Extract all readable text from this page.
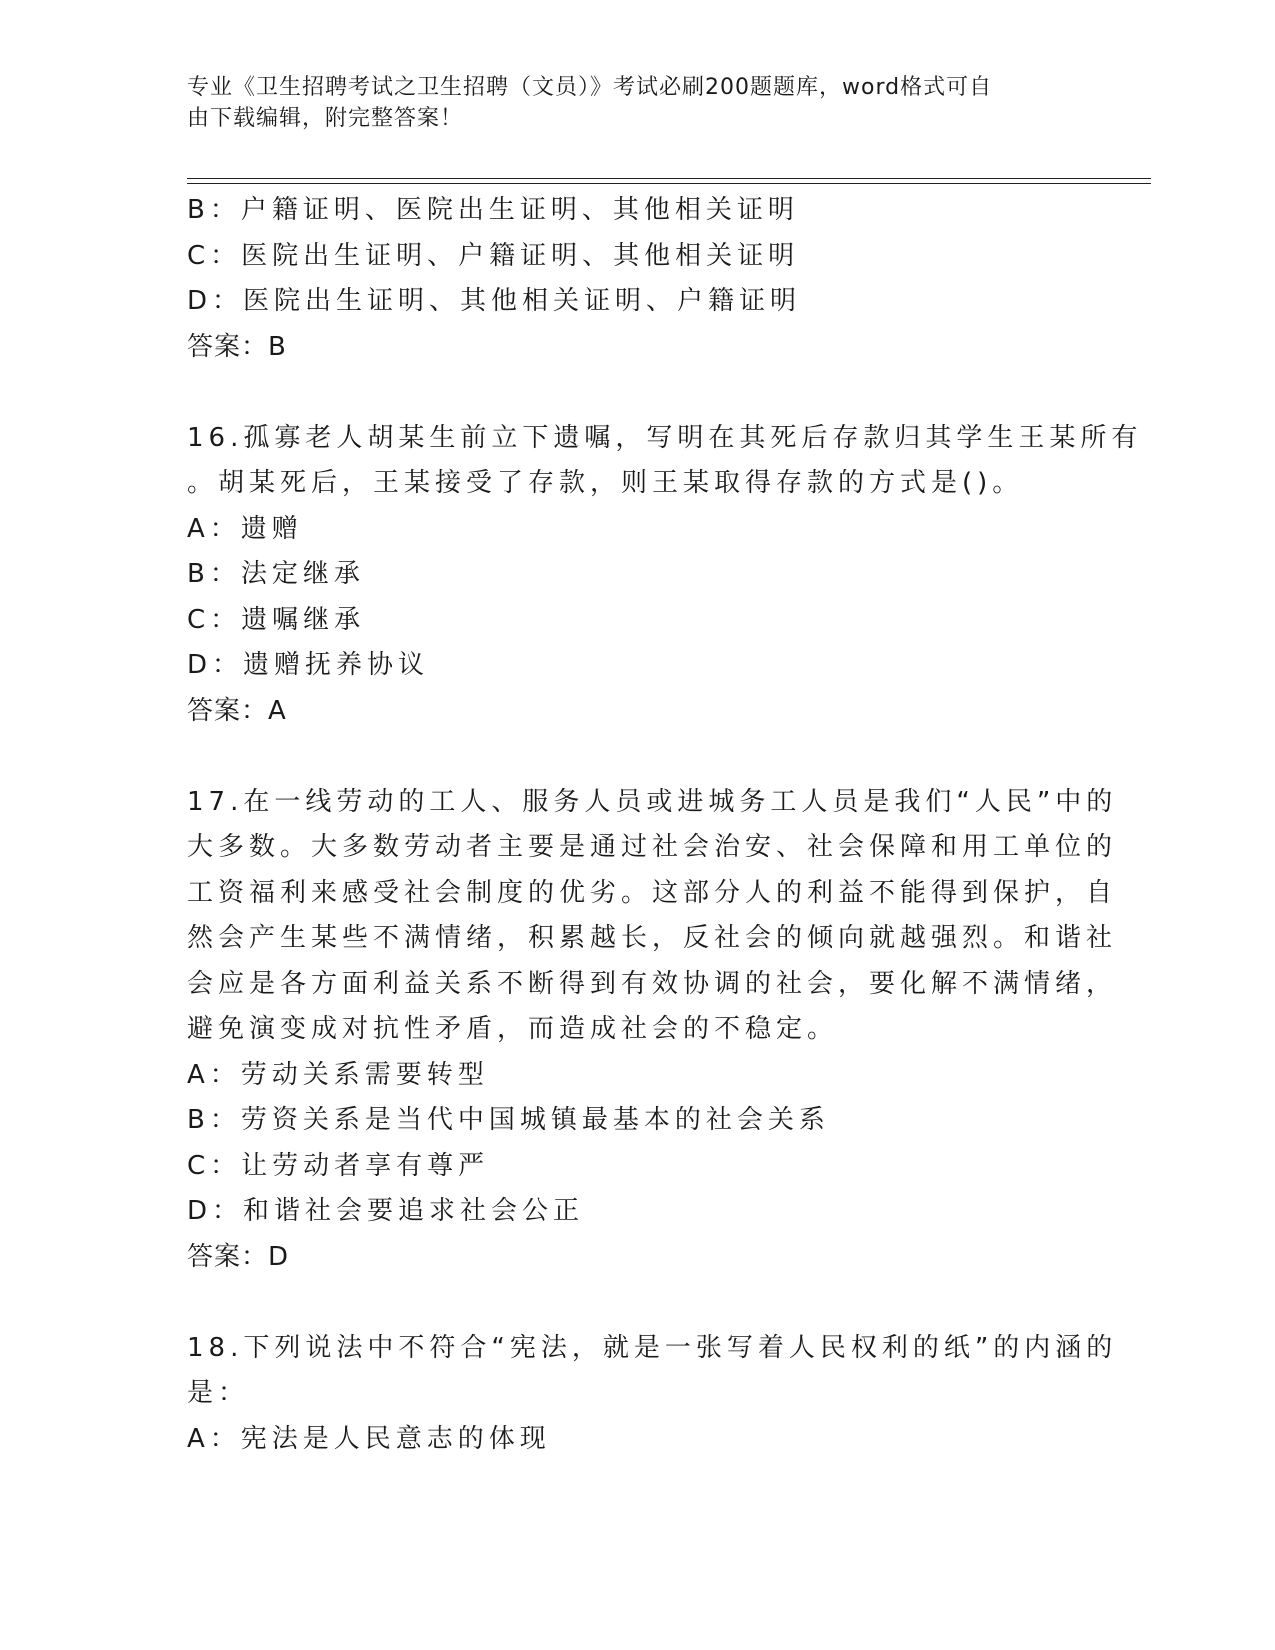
专业《卫生招聘考试之卫生招聘（文员）》考试必刷200题题库，word格式可自
由下载编辑，附完整答案！
B：户籍证明、医院出生证明、其他相关证明
C：医院出生证明、户籍证明、其他相关证明
D：医院出生证明、其他相关证明、户籍证明
答案：B
16.孤寡老人胡某生前立下遗嘱，写明在其死后存款归其学生王某所有
。胡某死后，王某接受了存款，则王某取得存款的方式是()。
A：遗赠
B：法定继承
C：遗嘱继承
D：遗赠抚养协议
答案：A
17.在一线劳动的工人、服务人员或进城务工人员是我们“人民”中的
大多数。大多数劳动者主要是通过社会治安、社会保障和用工单位的
工资福利来感受社会制度的优劣。这部分人的利益不能得到保护，自
然会产生某些不满情绪，积累越长，反社会的倾向就越强烈。和谐社
会应是各方面利益关系不断得到有效协调的社会，要化解不满情绪，
避免演变成对抗性矛盾，而造成社会的不稳定。
A：劳动关系需要转型
B：劳资关系是当代中国城镇最基本的社会关系
C：让劳动者享有尊严
D：和谐社会要追求社会公正
答案：D
18.下列说法中不符合“宪法，就是一张写着人民权利的纸”的内涵的
是：
A：宪法是人民意志的体现
